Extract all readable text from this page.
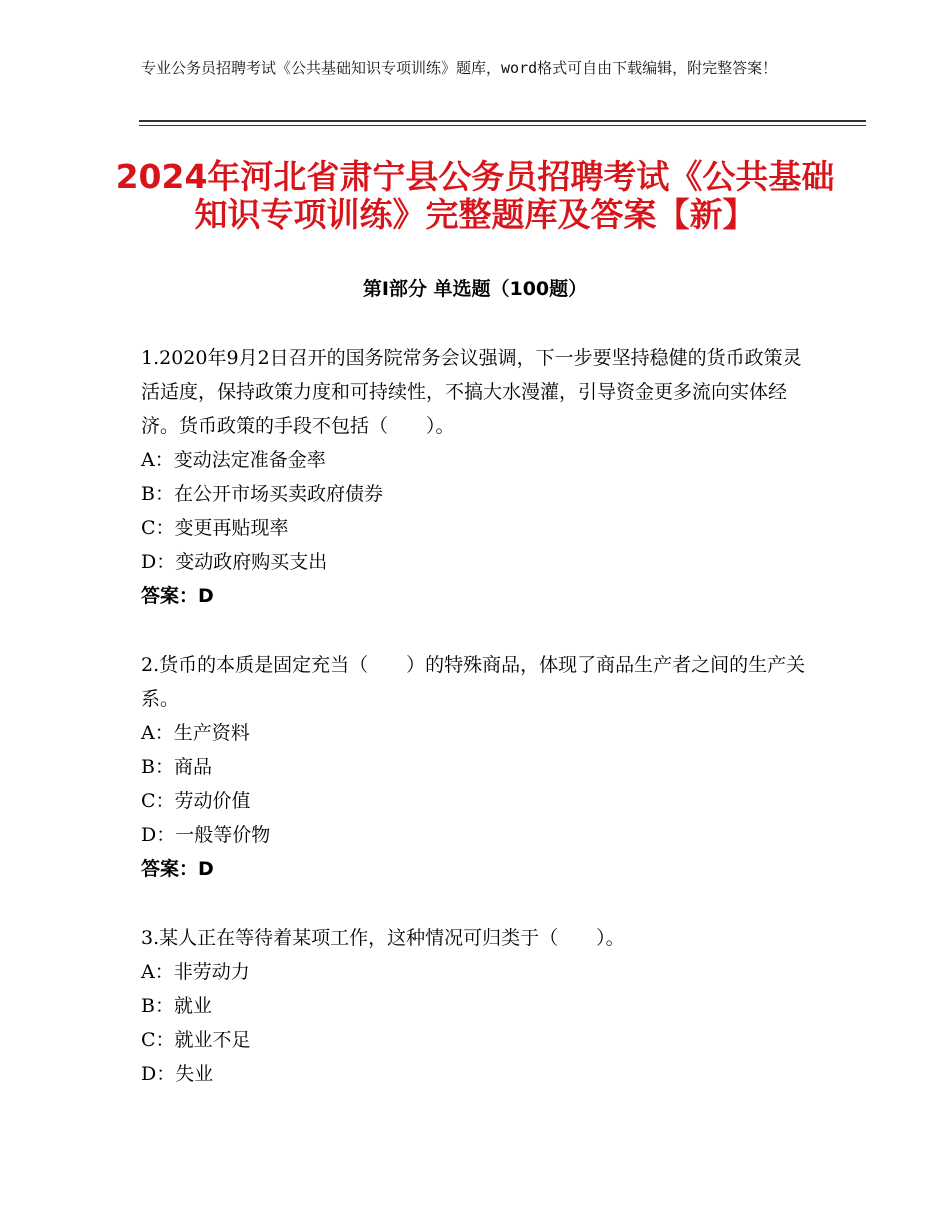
专业公务员招聘考试《公共基础知识专项训练》题库，word格式可自由下载编辑，附完整答案！
2024年河北省肃宁县公务员招聘考试《公共基础知识专项训练》完整题库及答案【新】
第I部分 单选题（100题）

1.2020年9月2日召开的国务院常务会议强调，下一步要坚持稳健的货币政策灵活适度，保持政策力度和可持续性，不搞大水漫灌，引导资金更多流向实体经济。货币政策的手段不包括（　　）。

A：变动法定准备金率

B：在公开市场买卖政府债券

C：变更再贴现率

D：变动政府购买支出

答案：D

2.货币的本质是固定充当（　　）的特殊商品，体现了商品生产者之间的生产关系。

A：生产资料

B：商品

C：劳动价值

D：一般等价物

答案：D

3.某人正在等待着某项工作，这种情况可归类于（　　）。

A：非劳动力

B：就业

C：就业不足

D：失业
